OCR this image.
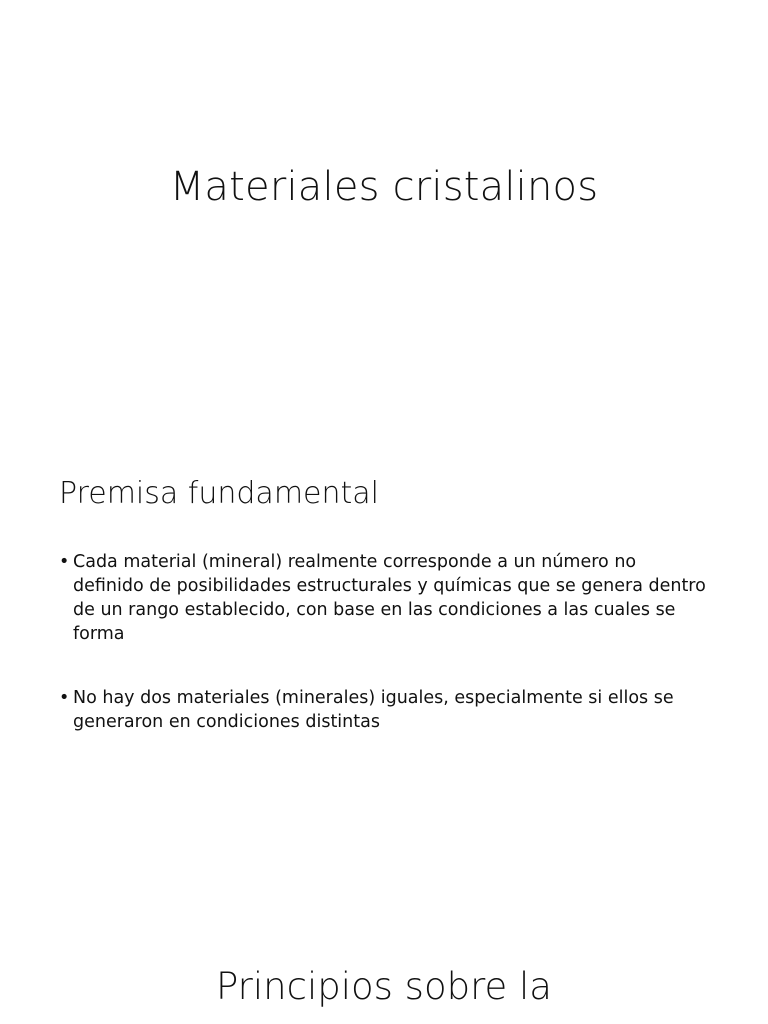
Materiales cristalinos
Premisa fundamental
• Cada material (mineral) realmente corresponde a un número no definido de posibilidades estructurales y químicas que se genera dentro de un rango establecido, con base en las condiciones a las cuales se forma
• No hay dos materiales (minerales) iguales, especialmente si ellos se generaron en condiciones distintas
Principios sobre la
